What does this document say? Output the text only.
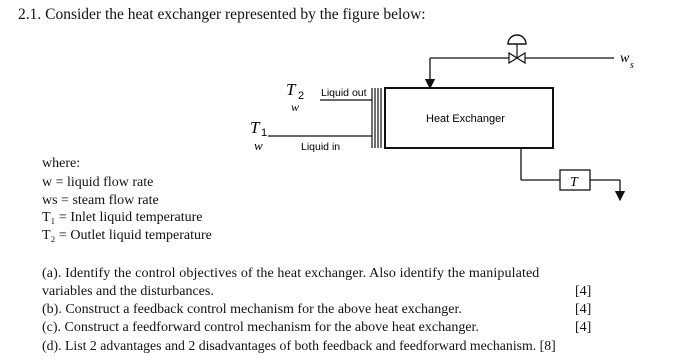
2.1. Consider the heat exchanger represented by the figure below:
Heat Exchanger
Liquid out
Liquid in
T 2
w
T 1
w
w s
T
where:
w = liquid flow rate
ws = steam flow rate
T₁ = Inlet liquid temperature
T₂ = Outlet liquid temperature
(a). Identify the control objectives of the heat exchanger. Also identify the manipulated
variables and the disturbances.	[4]
(b). Construct a feedback control mechanism for the above heat exchanger.	[4]
(c). Construct a feedforward control mechanism for the above heat exchanger.	[4]
(d). List 2 advantages and 2 disadvantages of both feedback and feedforward mechanism. [8]
